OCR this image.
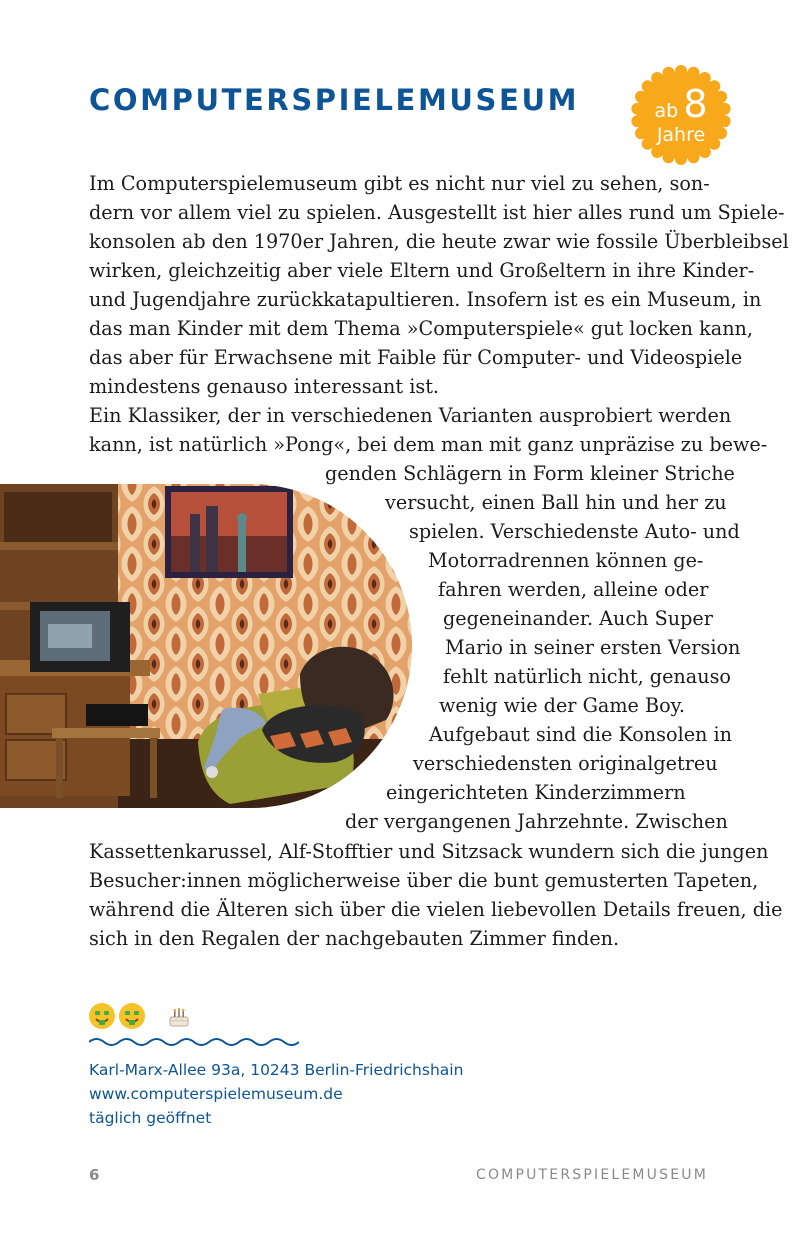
COMPUTERSPIELEMUSEUM	ab 8
Jahre
Im Computerspielemuseum gibt es nicht nur viel zu sehen, son-
dern vor allem viel zu spielen. Ausgestellt ist hier alles rund um Spiele-
konsolen ab den 1970er Jahren, die heute zwar wie fossile Überbleibsel
wirken, gleichzeitig aber viele Eltern und Großeltern in ihre Kinder-
und Jugendjahre zurückkatapultieren. Insofern ist es ein Museum, in
das man Kinder mit dem Thema »Computerspiele« gut locken kann,
das aber für Erwachsene mit Faible für Computer- und Videospiele
mindestens genauso interessant ist.
Ein Klassiker, der in verschiedenen Varianten ausprobiert werden
kann, ist natürlich »Pong«, bei dem man mit ganz unpräzise zu bewe-
genden Schlägern in Form kleiner Striche
versucht, einen Ball hin und her zu
spielen. Verschiedenste Auto- und
Motorradrennen können ge-
fahren werden, alleine oder
gegeneinander. Auch Super
Mario in seiner ersten Version
fehlt natürlich nicht, genauso
wenig wie der Game Boy.
Aufgebaut sind die Konsolen in
verschiedensten originalgetreu
eingerichteten Kinderzimmern
der vergangenen Jahrzehnte. Zwischen
Kassettenkarussel, Alf-Stofftier und Sitzsack wundern sich die jungen
Besucher:innen möglicherweise über die bunt gemusterten Tapeten,
während die Älteren sich über die vielen liebevollen Details freuen, die
sich in den Regalen der nachgebauten Zimmer finden.
Karl-Marx-Allee 93a, 10243 Berlin-Friedrichshain
www.computerspielemuseum.de
täglich geöffnet
6	COMPUTERSPIELEMUSEUM
